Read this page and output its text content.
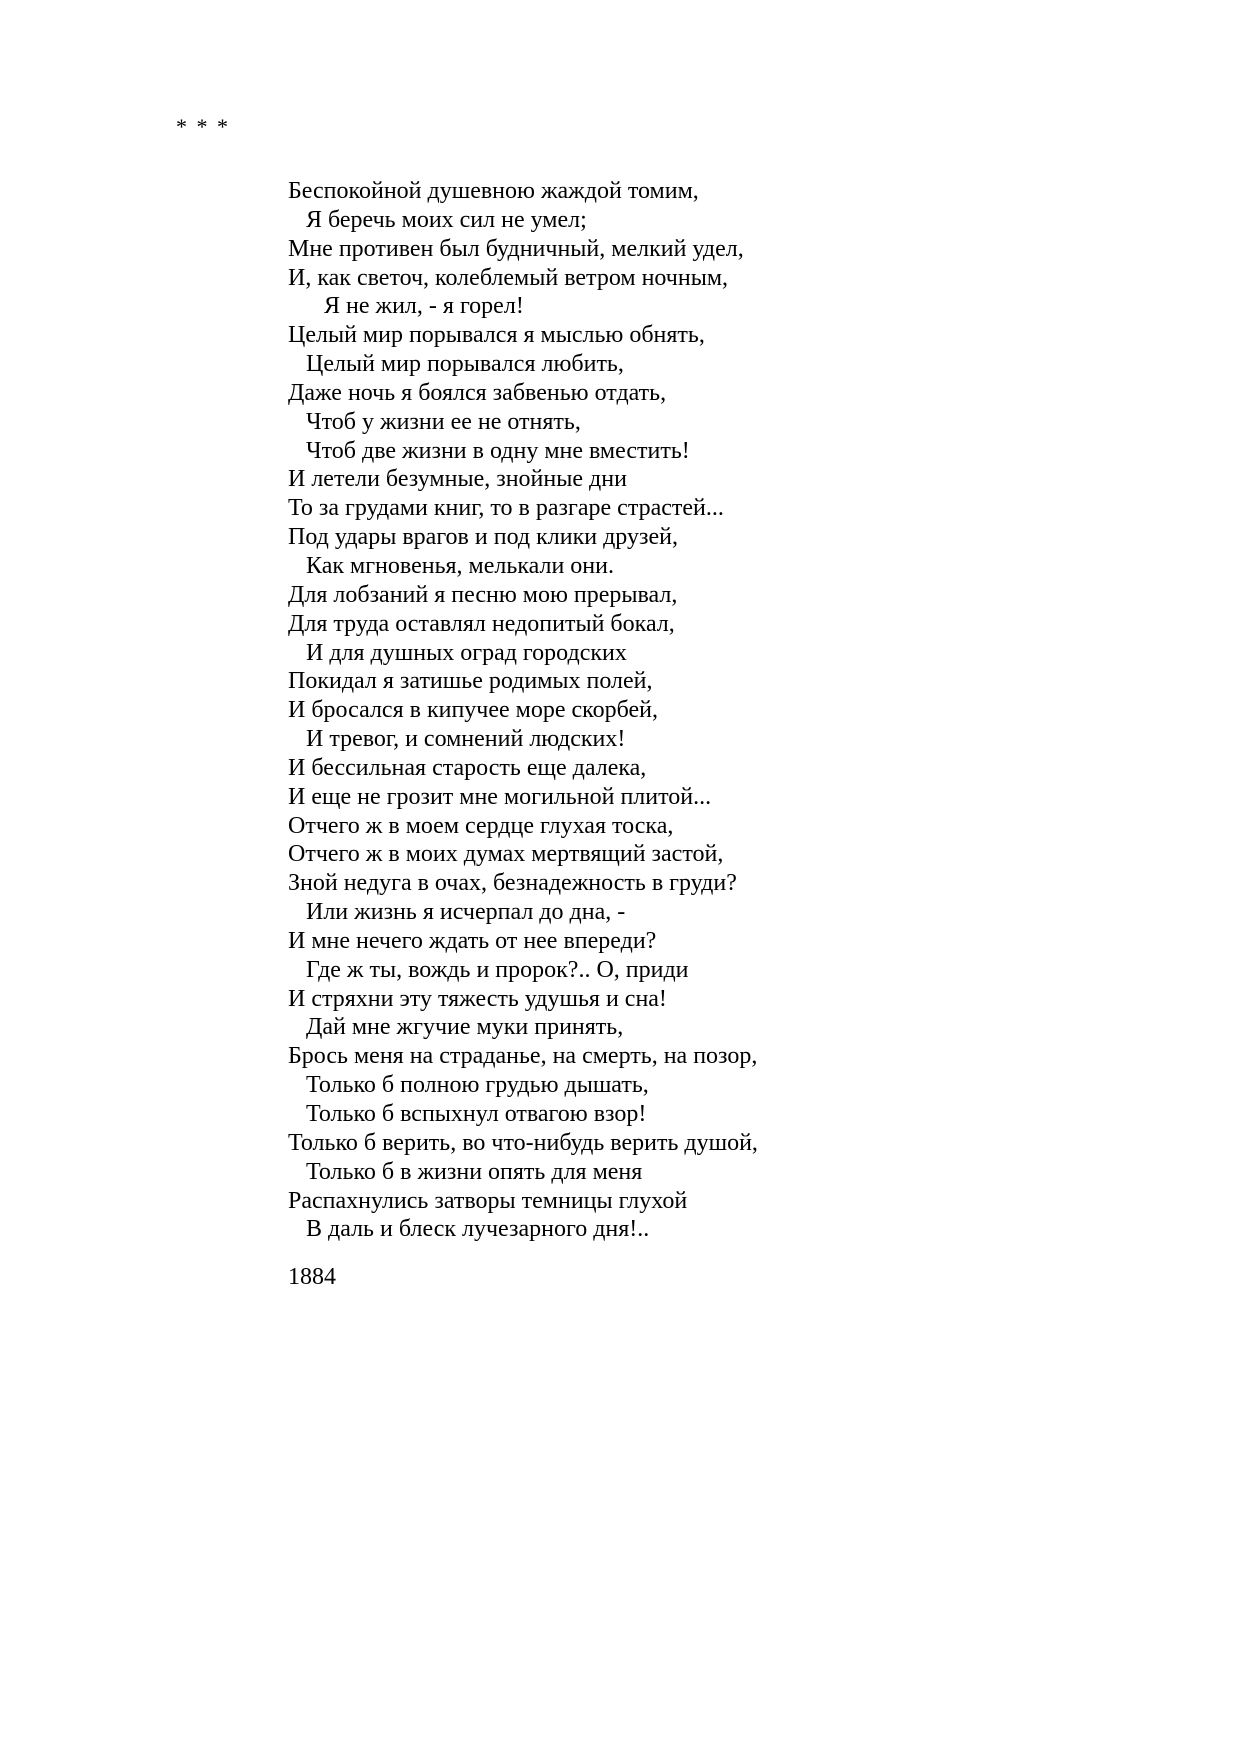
* * *
Беспокойной душевною жаждой томим,
Я беречь моих сил не умел;
Мне противен был будничный, мелкий удел,
И, как светоч, колеблемый ветром ночным,
Я не жил, - я горел!
Целый мир порывался я мыслью обнять,
Целый мир порывался любить,
Даже ночь я боялся забвенью отдать,
Чтоб у жизни ее не отнять,
Чтоб две жизни в одну мне вместить!
И летели безумные, знойные дни
То за грудами книг, то в разгаре страстей...
Под удары врагов и под клики друзей,
Как мгновенья, мелькали они.
Для лобзаний я песню мою прерывал,
Для труда оставлял недопитый бокал,
И для душных оград городских
Покидал я затишье родимых полей,
И бросался в кипучее море скорбей,
И тревог, и сомнений людских!
И бессильная старость еще далека,
И еще не грозит мне могильной плитой...
Отчего ж в моем сердце глухая тоска,
Отчего ж в моих думах мертвящий застой,
Зной недуга в очах, безнадежность в груди?
Или жизнь я исчерпал до дна, -
И мне нечего ждать от нее впереди?
Где ж ты, вождь и пророк?.. О, приди
И стряхни эту тяжесть удушья и сна!
Дай мне жгучие муки принять,
Брось меня на страданье, на смерть, на позор,
Только б полною грудью дышать,
Только б вспыхнул отвагою взор!
Только б верить, во что-нибудь верить душой,
Только б в жизни опять для меня
Распахнулись затворы темницы глухой
В даль и блеск лучезарного дня!..
1884
